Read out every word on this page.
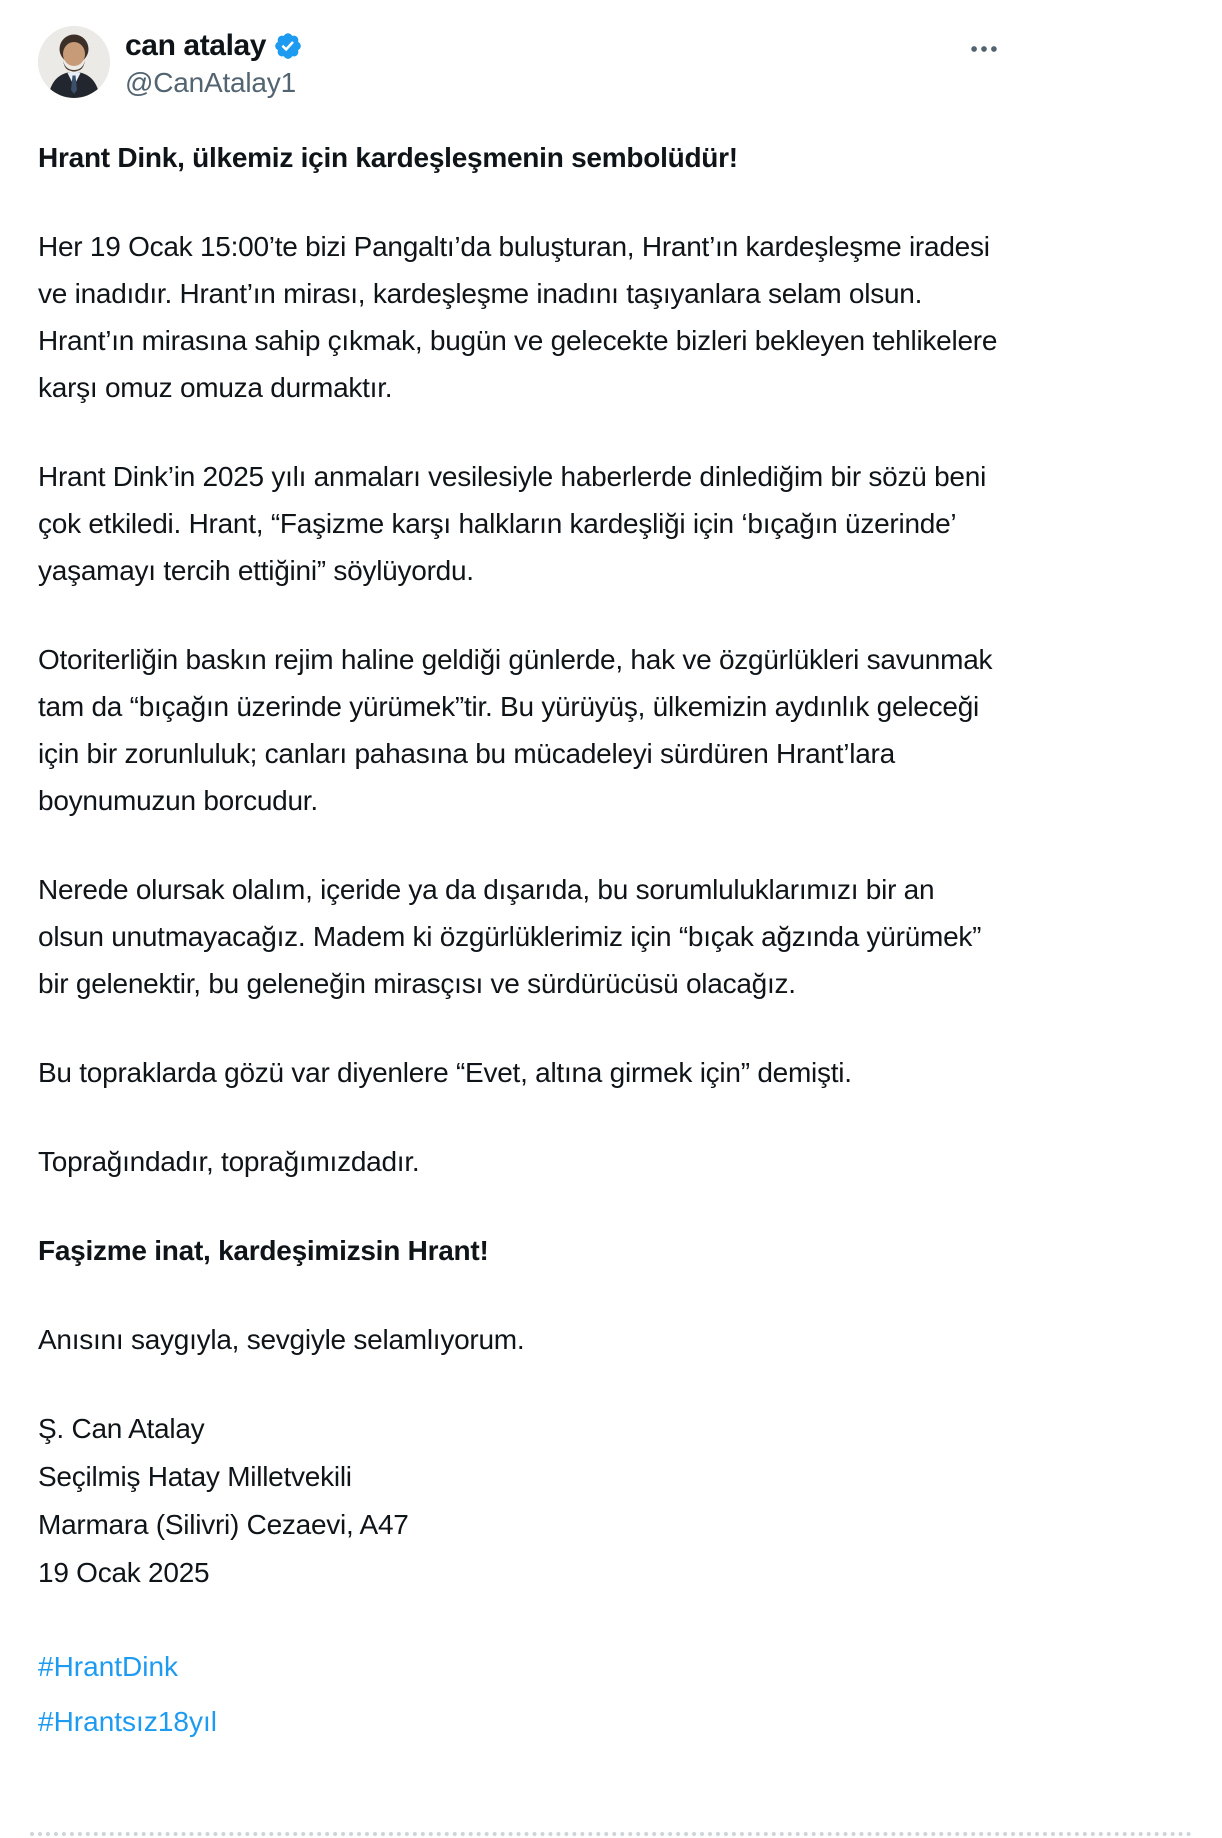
can atalay
@CanAtalay1

Hrant Dink, ülkemiz için kardeşleşmenin sembolüdür!

Her 19 Ocak 15:00’te bizi Pangaltı’da buluşturan, Hrant’ın kardeşleşme iradesi ve inadıdır. Hrant’ın mirası, kardeşleşme inadını taşıyanlara selam olsun. Hrant’ın mirasına sahip çıkmak, bugün ve gelecekte bizleri bekleyen tehlikelere karşı omuz omuza durmaktır.

Hrant Dink’in 2025 yılı anmaları vesilesiyle haberlerde dinlediğim bir sözü beni çok etkiledi. Hrant, “Faşizme karşı halkların kardeşliği için ‘bıçağın üzerinde’ yaşamayı tercih ettiğini” söylüyordu.

Otoriterliğin baskın rejim haline geldiği günlerde, hak ve özgürlükleri savunmak tam da “bıçağın üzerinde yürümek”tir. Bu yürüyüş, ülkemizin aydınlık geleceği için bir zorunluluk; canları pahasına bu mücadeleyi sürdüren Hrant’lara boynumuzun borcudur.

Nerede olursak olalım, içeride ya da dışarıda, bu sorumluluklarımızı bir an olsun unutmayacağız. Madem ki özgürlüklerimiz için “bıçak ağzında yürümek” bir gelenektir, bu geleneğin mirasçısı ve sürdürücüsü olacağız.

Bu topraklarda gözü var diyenlere “Evet, altına girmek için” demişti.

Toprağındadır, toprağımızdadır.

Faşizme inat, kardeşimizsin Hrant!

Anısını saygıyla, sevgiyle selamlıyorum.

Ş. Can Atalay
Seçilmiş Hatay Milletvekili
Marmara (Silivri) Cezaevi, A47
19 Ocak 2025
#HrantDink
#Hrantsız18yıl
